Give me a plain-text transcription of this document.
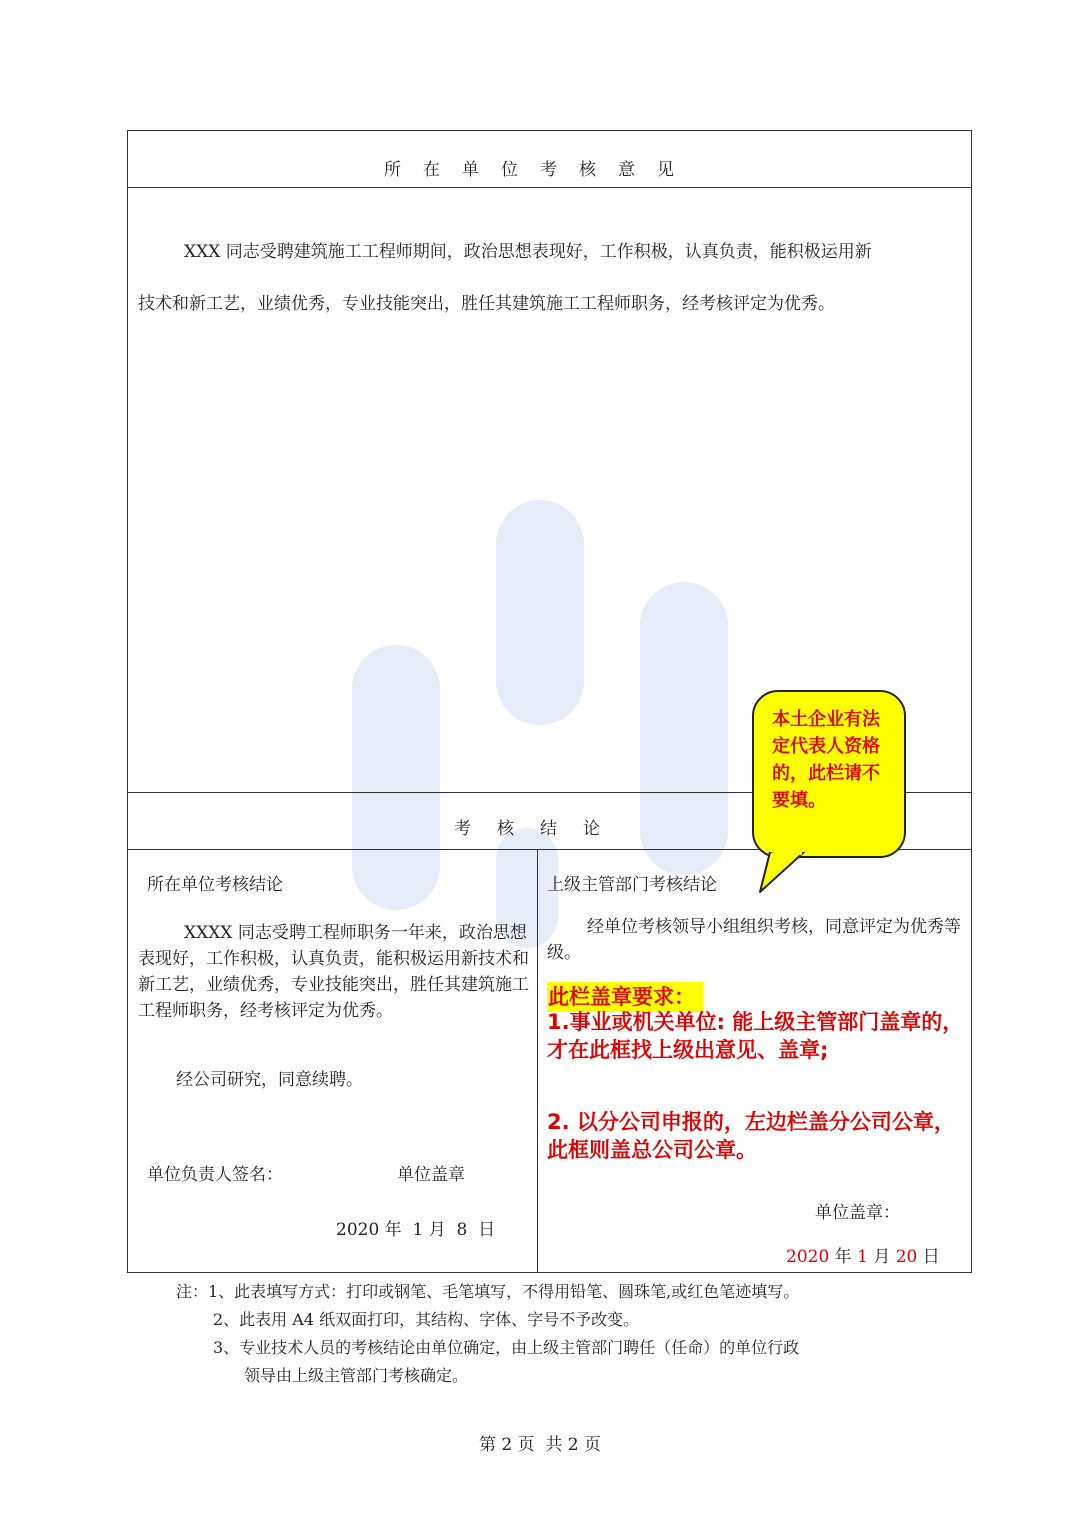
所在单位考核意见

XXX 同志受聘建筑施工工程师期间，政治思想表现好，工作积极，认真负责，能积极运用新

技术和新工艺，业绩优秀，专业技能突出，胜任其建筑施工工程师职务，经考核评定为优秀。

考核结论
所在单位考核结论
XXXX 同志受聘工程师职务一年来，政治思想表现好，工作积极，认真负责，能积极运用新技术和新工艺，业绩优秀，专业技能突出，胜任其建筑施工工程师职务，经考核评定为优秀。
经公司研究，同意续聘。
单位负责人签名：	单位盖章
2020 年  1 月  8  日
上级主管部门考核结论
经单位考核领导小组组织考核，同意评定为优秀等级。
此栏盖章要求：
1.事业或机关单位: 能上级主管部门盖章的，才在此框找上级出意见、盖章;
2. 以分公司申报的，左边栏盖分公司公章，此框则盖总公司公章。
单位盖章：
2020 年 1 月 20 日
本土企业有法定代表人资格的，此栏请不要填。
注：1、此表填写方式：打印或钢笔、毛笔填写，不得用铅笔、圆珠笔,或红色笔迹填写。
2、此表用 A4 纸双面打印，其结构、字体、字号不予改变。
3、专业技术人员的考核结论由单位确定，由上级主管部门聘任（任命）的单位行政
领导由上级主管部门考核确定。
第 2 页  共 2 页
